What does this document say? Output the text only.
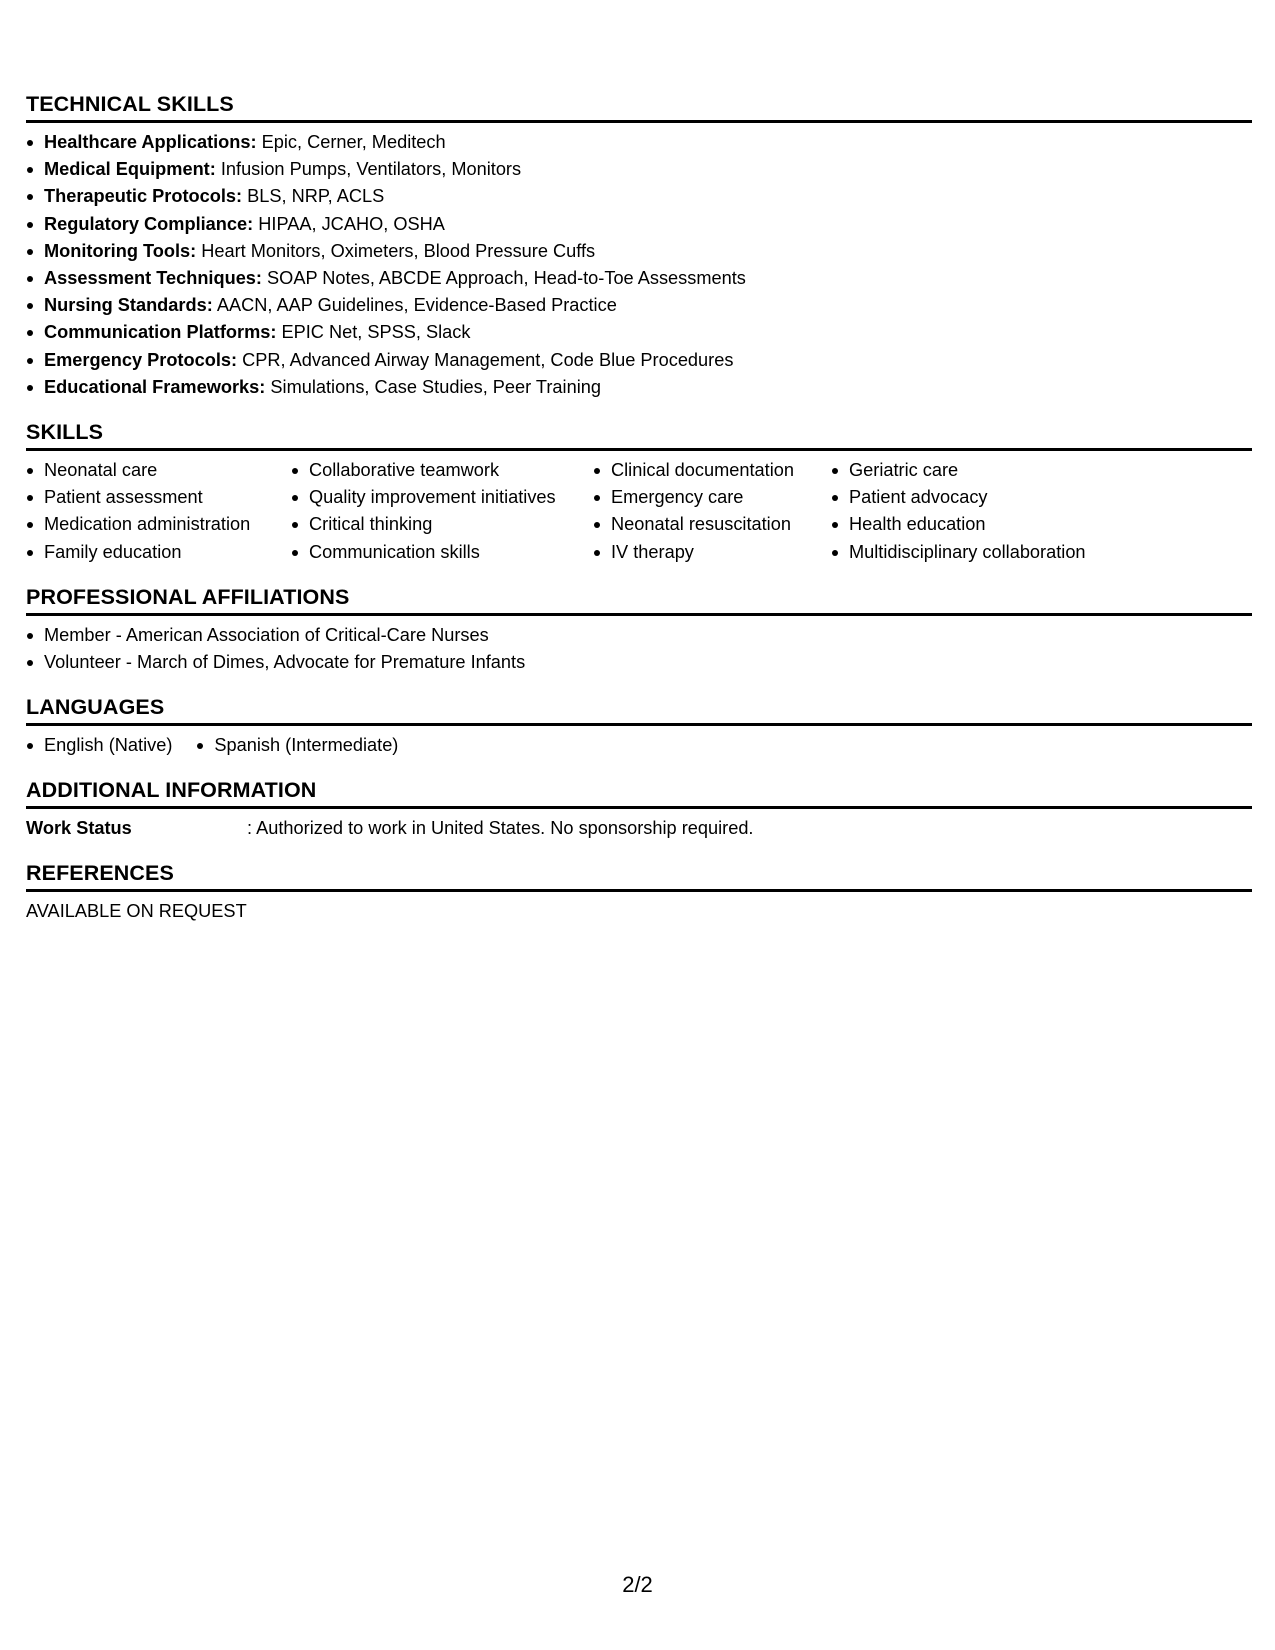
TECHNICAL SKILLS
Healthcare Applications: Epic, Cerner, Meditech
Medical Equipment: Infusion Pumps, Ventilators, Monitors
Therapeutic Protocols: BLS, NRP, ACLS
Regulatory Compliance: HIPAA, JCAHO, OSHA
Monitoring Tools: Heart Monitors, Oximeters, Blood Pressure Cuffs
Assessment Techniques: SOAP Notes, ABCDE Approach, Head-to-Toe Assessments
Nursing Standards: AACN, AAP Guidelines, Evidence-Based Practice
Communication Platforms: EPIC Net, SPSS, Slack
Emergency Protocols: CPR, Advanced Airway Management, Code Blue Procedures
Educational Frameworks: Simulations, Case Studies, Peer Training
SKILLS
Neonatal care
Patient assessment
Medication administration
Family education
Collaborative teamwork
Quality improvement initiatives
Critical thinking
Communication skills
Clinical documentation
Emergency care
Neonatal resuscitation
IV therapy
Geriatric care
Patient advocacy
Health education
Multidisciplinary collaboration
PROFESSIONAL AFFILIATIONS
Member - American Association of Critical-Care Nurses
Volunteer - March of Dimes, Advocate for Premature Infants
LANGUAGES
English (Native)	Spanish (Intermediate)
ADDITIONAL INFORMATION
Work Status	: Authorized to work in United States. No sponsorship required.
REFERENCES
AVAILABLE ON REQUEST
2/2
